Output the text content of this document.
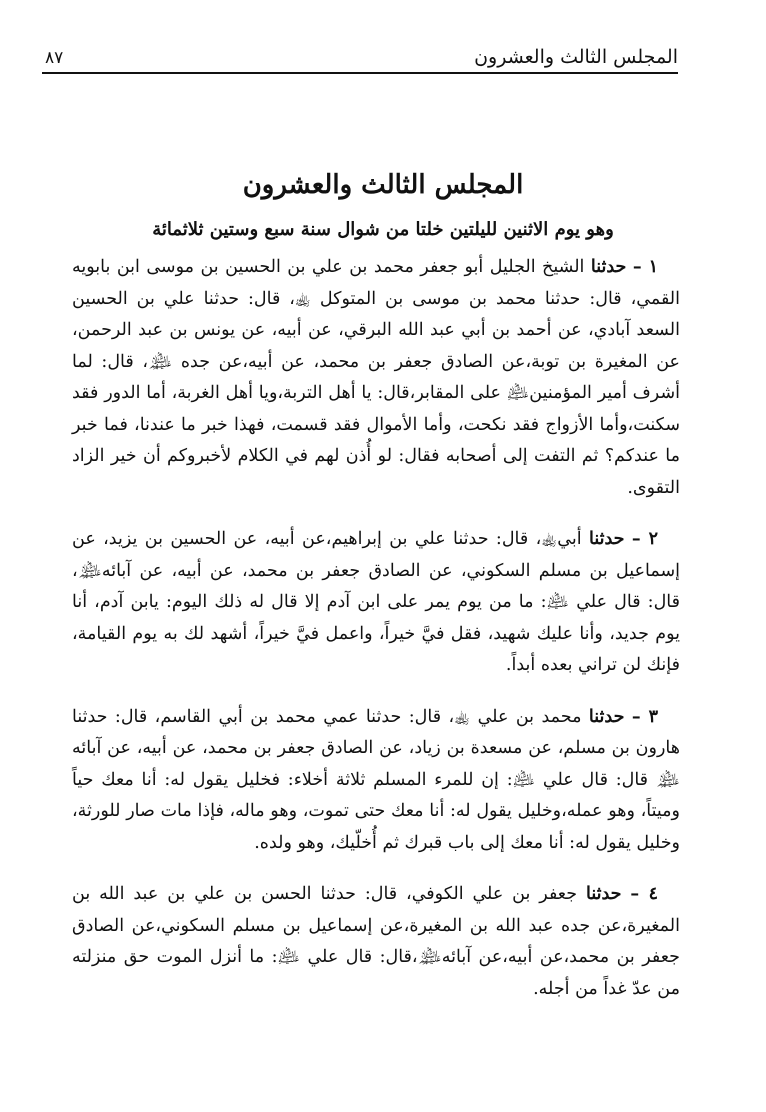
المجلس الثالث والعشرون
٨٧
المجلس الثالث والعشرون
وهو يوم الاثنين لليلتين خلتا من شوال سنة سبع وستين ثلاثمائة

١ – حدثنا الشيخ الجليل أبو جعفر محمد بن علي بن الحسين بن موسى ابن بابويه القمي، قال: حدثنا محمد بن موسى بن المتوكل ﵀، قال: حدثنا علي بن الحسين السعد آبادي، عن أحمد بن أبي عبد الله البرقي، عن أبيه، عن يونس بن عبد الرحمن، عن المغيرة بن توبة،عن الصادق جعفر بن محمد، عن أبيه،عن جده ﵈، قال: لما أشرف أمير المؤمنين﵇ على المقابر،قال: يا أهل التربة،ويا أهل الغربة، أما الدور فقد سكنت،وأما الأزواج فقد نكحت، وأما الأموال فقد قسمت، فهذا خبر ما عندنا، فما خبر ما عندكم؟ ثم التفت إلى أصحابه فقال: لو أُذن لهم في الكلام لأخبروكم أن خير الزاد التقوى.

٢ – حدثنا أبي﵀، قال: حدثنا علي بن إبراهيم،عن أبيه، عن الحسين بن يزيد، عن إسماعيل بن مسلم السكوني، عن الصادق جعفر بن محمد، عن أبيه، عن آبائه﵈، قال: قال علي ﵇: ما من يوم يمر على ابن آدم إلا قال له ذلك اليوم: يابن آدم، أنا يوم جديد، وأنا عليك شهيد، فقل فيَّ خيراً، واعمل فيَّ خيراً، أشهد لك به يوم القيامة، فإنك لن تراني بعده أبداً.

٣ – حدثنا محمد بن علي ﵀، قال: حدثنا عمي محمد بن أبي القاسم، قال: حدثنا هارون بن مسلم، عن مسعدة بن زياد، عن الصادق جعفر بن محمد، عن أبيه، عن آبائه ﵈ قال: قال علي ﵇: إن للمرء المسلم ثلاثة أخلاء: فخليل يقول له: أنا معك حياً وميتاً، وهو عمله،وخليل يقول له: أنا معك حتى تموت، وهو ماله، فإذا مات صار للورثة، وخليل يقول له: أنا معك إلى باب قبرك ثم أُخلّيك، وهو ولده.

٤ – حدثنا جعفر بن علي الكوفي، قال: حدثنا الحسن بن علي بن عبد الله بن المغيرة،عن جده عبد الله بن المغيرة،عن إسماعيل بن مسلم السكوني،عن الصادق جعفر بن محمد،عن أبيه،عن آبائه﵈،قال: قال علي ﵇: ما أنزل الموت حق منزلته من عدّ غداً من أجله.
